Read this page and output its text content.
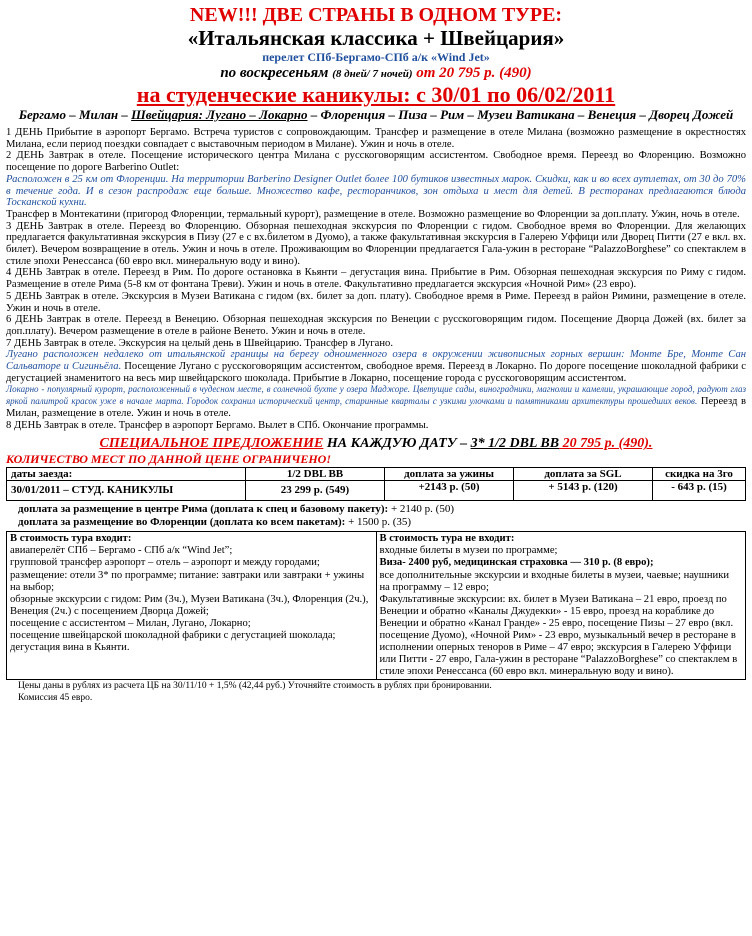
NEW!!! ДВЕ СТРАНЫ В ОДНОМ ТУРЕ:
«Итальянская классика + Швейцария»
перелет СПб-Бергамо-СПб а/к «Wind Jet»
по воскресеньям (8 дней/ 7 ночей) от 20 795 р. (490)
на студенческие каникулы: с 30/01 по 06/02/2011
Бергамо – Милан – Швейцария: Лугано – Локарно – Флоренция – Пиза – Рим – Музеи Ватикана – Венеция – Дворец Дожей

1 ДЕНЬ Прибытие в аэропорт Бергамо. Встреча туристов с сопровождающим. Трансфер и размещение в отеле Милана (возможно размещение в окрестностях Милана, если период поездки совпадает с выставочным периодом в Милане). Ужин и ночь в отеле.

2 ДЕНЬ Завтрак в отеле. Посещение исторического центра Милана с русскоговорящим ассистентом. Свободное время. Переезд во Флоренцию. Возможно посещение по дороге Barberino Outlet:

Расположен в 25 км от Флоренции. На территории Barberino Designer Outlet более 100 бутиков известных марок. Скидки, как и во всех аутлетах, от 30 до 70% в течение года. И в сезон распродаж еще больше. Множество кафе, ресторанчиков, зон отдыха и мест для детей. В ресторанах предлагаются блюда Тосканской кухни.

Трансфер в Монтекатини (пригород Флоренции, термальный курорт), размещение в отеле. Возможно размещение во Флоренции за доп.плату. Ужин, ночь в отеле.

3 ДЕНЬ Завтрак в отеле. Переезд во Флоренцию. Обзорная пешеходная экскурсия по Флоренции с гидом. Свободное время во Флоренции. Для желающих предлагается факультативная экскурсия в Пизу (27 е с вх.билетом в Дуомо), а также факультативная экскурсия в Галерею Уффици или Дворец Питти (27 е вкл. вх. билет). Вечером возвращение в отель. Ужин и ночь в отеле. Проживающим во Флоренции предлагается Гала-ужин в ресторане “PalazzoBorghese” со спектаклем в стиле эпохи Ренессанса (60 евро вкл. минеральную воду и вино).

4 ДЕНЬ Завтрак в отеле. Переезд в Рим. По дороге остановка в Кьянти – дегустация вина. Прибытие в Рим. Обзорная пешеходная экскурсия по Риму с гидом. Размещение в отеле Рима (5-8 км от фонтана Треви). Ужин и ночь в отеле. Факультативно предлагается экскурсия «Ночной Рим» (23 евро).

5 ДЕНЬ Завтрак в отеле. Экскурсия в Музеи Ватикана с гидом (вх. билет за доп. плату). Свободное время в Риме. Переезд в район Римини, размещение в отеле. Ужин и ночь в отеле.

6 ДЕНЬ Завтрак в отеле. Переезд в Венецию. Обзорная пешеходная экскурсия по Венеции с русскоговорящим гидом. Посещение Дворца Дожей (вх. билет за доп.плату). Вечером размещение в отеле в районе Венето. Ужин и ночь в отеле.

7 ДЕНЬ Завтрак в отеле. Экскурсия на целый день в Швейцарию. Трансфер в Лугано.

Лугано расположен недалеко от итальянской границы на берегу одноименного озера в окружении живописных горных вершин: Монте Бре, Монте Сан Сальваторе и Сигиньёла. Посещение Лугано с русскоговорящим ассистентом, свободное время. Переезд в Локарно. По дороге посещение шоколадной фабрики с дегустацией знаменитого на весь мир швейцарского шоколада. Прибытие в Локарно, посещение города с русскоговорящим ассистентом.

Локарно - популярный курорт, расположенный в чудесном месте, в солнечной бухте у озера Маджоре. Цветущие сады, виноградники, магнолии и камелии, украшающие город, радуют глаз яркой палитрой красок уже в начале марта. Городок сохранил исторический центр, старинные кварталы с узкими улочками и памятниками архитектуры прошедших веков. Переезд в Милан, размещение в отеле. Ужин и ночь в отеле.

8 ДЕНЬ Завтрак в отеле. Трансфер в аэропорт Бергамо. Вылет в СПб. Окончание программы.

СПЕЦИАЛЬНОЕ ПРЕДЛОЖЕНИЕ НА КАЖДУЮ ДАТУ – 3* 1/2 DBL BB 20 795 р. (490).
КОЛИЧЕСТВО МЕСТ ПО ДАННОЙ ЦЕНЕ ОГРАНИЧЕНО!
даты заезда:	1/2 DBL BB	доплата за ужины	доплата за SGL	скидка на 3го
30/01/2011 – СТУД. КАНИКУЛЫ	23 299 р. (549)	+2143 р. (50)	+ 5143 р. (120)	- 643 р. (15)
доплата за размещение в центре Рима (доплата к спец и базовому пакету): + 2140 р. (50)
доплата за размещение во Флоренции (доплата ко всем пакетам): + 1500 р. (35)
В стоимость тура входит:
авиаперелёт СПб – Бергамо - СПб а/к “Wind Jet”;
групповой трансфер аэропорт – отель – аэропорт и между городами;
размещение: отели 3* по программе; питание: завтраки или завтраки + ужины на выбор;
обзорные экскурсии с гидом: Рим (3ч.), Музеи Ватикана (3ч.), Флоренция (2ч.), Венеция (2ч.) с посещением Дворца Дожей;
посещение с ассистентом – Милан, Лугано, Локарно;
посещение швейцарской шоколадной фабрики с дегустацией шоколада;
дегустация вина в Кьянти.	В стоимость тура не входит:
входные билеты в музеи по программе;
Виза- 2400 руб, медицинская страховка — 310 р. (8 евро);
все дополнительные экскурсии и входные билеты в музеи, чаевые; наушники на программу – 12 евро;
Факультативные экскурсии: вх. билет в Музеи Ватикана – 21 евро, проезд по Венеции и обратно «Каналы Джудекки» - 15 евро, проезд на кораблике до Венеции и обратно «Канал Гранде» - 25 евро, посещение Пизы – 27 евро (вкл. посещение Дуомо), «Ночной Рим» - 23 евро, музыкальный вечер в ресторане в исполнении оперных теноров в Риме – 47 евро; экскурсия в Галерею Уффици или Питти - 27 евро, Гала-ужин в ресторане “PalazzoBorghese” со спектаклем в стиле эпохи Ренессанса (60 евро вкл. минеральную воду и вино).
Цены даны в рублях из расчета ЦБ на 30/11/10 + 1,5% (42,44 руб.) Уточняйте стоимость в рублях при бронировании.
Комиссия 45 евро.
